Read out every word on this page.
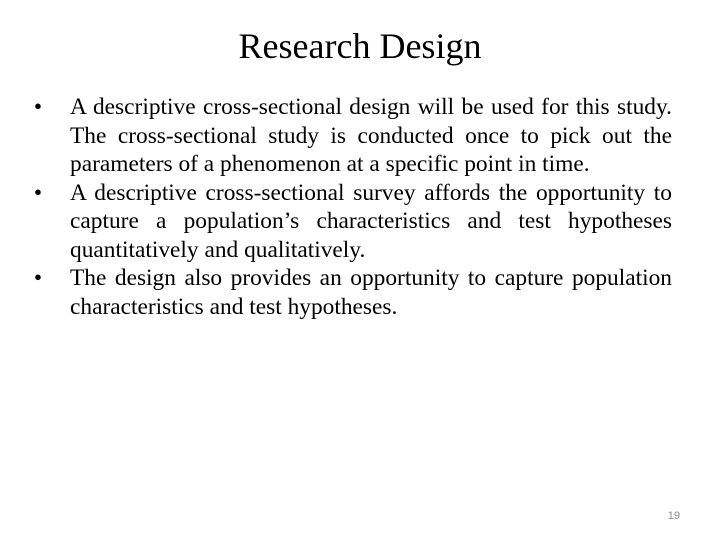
Research Design
• A descriptive cross-sectional design will be used for this study. The cross-sectional study is conducted once to pick out the parameters of a phenomenon at a specific point in time.
• A descriptive cross-sectional survey affords the opportunity to capture a population’s characteristics and test hypotheses quantitatively and qualitatively.
• The design also provides an opportunity to capture population characteristics and test hypotheses.
19
